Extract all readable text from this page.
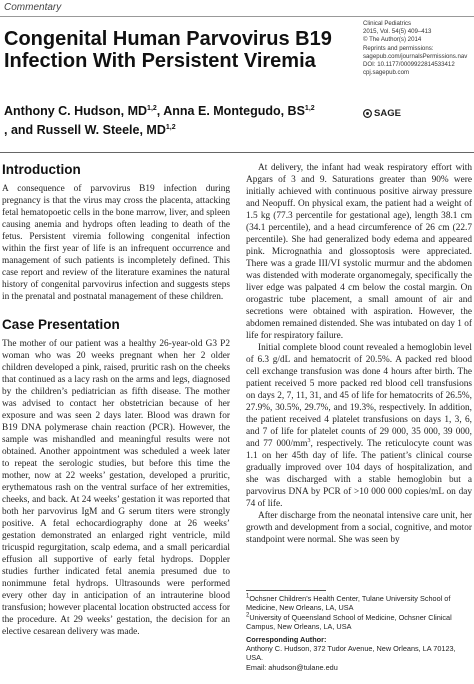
Commentary
Congenital Human Parvovirus B19 Infection With Persistent Viremia
Clinical Pediatrics
2015, Vol. 54(5) 409–413
© The Author(s) 2014
Reprints and permissions:
sagepub.com/journalsPermissions.nav
DOI: 10.1177/0009922814533412
cpj.sagepub.com
SAGE
Anthony C. Hudson, MD$^{1,2}$, Anna E. Montegudo, BS$^{1,2}$
, and Russell W. Steele, MD$^{1,2}$
Introduction

A consequence of parvovirus B19 infection during pregnancy is that the virus may cross the placenta, attacking fetal hematopoetic cells in the bone marrow, liver, and spleen causing anemia and hydrops often leading to death of the fetus. Persistent viremia following congenital infection within the first year of life is an infrequent occurrence and management of such patients is incompletely defined. This case report and review of the literature examines the natural history of congenital parvovirus infection and suggests steps in the prenatal and postnatal management of these children.

Case Presentation

The mother of our patient was a healthy 26-year-old G3 P2 woman who was 20 weeks pregnant when her 2 older children developed a pink, raised, pruritic rash on the cheeks that continued as a lacy rash on the arms and legs, diagnosed by the children’s pediatrician as fifth disease. The mother was advised to contact her obstetrician because of her exposure and was seen 2 days later. Blood was drawn for B19 DNA polymerase chain reaction (PCR). However, the sample was mishandled and meaningful results were not obtained. Another appointment was scheduled a week later to repeat the serologic studies, but before this time the mother, now at 22 weeks’ gestation, developed a pruritic, erythematous rash on the ventral surface of her extremities, cheeks, and back. At 24 weeks’ gestation it was reported that both her parvovirus IgM and G serum titers were strongly positive. A fetal echocardiography done at 26 weeks’ gestation demonstrated an enlarged right ventricle, mild tricuspid regurgitation, scalp edema, and a small pericardial effusion all supportive of early fetal hydrops. Doppler studies further indicated fetal anemia presumed due to nonimmune fetal hydrops. Ultrasounds were performed every other day in anticipation of an intrauterine blood transfusion; however placental location obstructed access for the procedure. At 29 weeks’ gestation, the decision for an elective cesarean delivery was made.

At delivery, the infant had weak respiratory effort with Apgars of 3 and 9. Saturations greater than 90% were initially achieved with continuous positive airway pressure and Neopuff. On physical exam, the patient had a weight of 1.5 kg (77.3 percentile for gestational age), length 38.1 cm (34.1 percentile), and a head circumference of 26 cm (22.7 percentile). She had generalized body edema and appeared pink. Micrognathia and glossoptosis were appreciated. There was a grade III/VI systolic murmur and the abdomen was distended with moderate organomegaly, specifically the liver edge was palpated 4 cm below the costal margin. On orogastric tube placement, a small amount of air and secretions were obtained with aspiration. However, the abdomen remained distended. She was intubated on day 1 of life for respiratory failure.

Initial complete blood count revealed a hemoglobin level of 6.3 g/dL and hematocrit of 20.5%. A packed red blood cell exchange transfusion was done 4 hours after birth. The patient received 5 more packed red blood cell transfusions on days 2, 7, 11, 31, and 45 of life for hematocrits of 26.5%, 27.9%, 30.5%, 29.7%, and 19.3%, respectively. In addition, the patient received 4 platelet transfusions on days 1, 3, 6, and 7 of life for platelet counts of 29 000, 35 000, 39 000, and 77 $000/mm^3$, respectively. The reticulocyte count was 1.1 on her 45th day of life. The patient’s clinical course gradually improved over 104 days of hospitalization, and she was discharged with a stable hemoglobin but a parvovirus DNA by PCR of >10 000 000 copies/mL on day 74 of life.

After discharge from the neonatal intensive care unit, her growth and development from a social, cognitive, and motor standpoint were normal. She was seen by

$^1$Ochsner Children’s Health Center, Tulane University School of Medicine, New Orleans, LA, USA
$^2$University of Queensland School of Medicine, Ochsner Clinical Campus, New Orleans, LA, USA
Corresponding Author:
Anthony C. Hudson, 372 Tudor Avenue, New Orleans, LA 70123, USA.
Email: ahudson@tulane.edu
